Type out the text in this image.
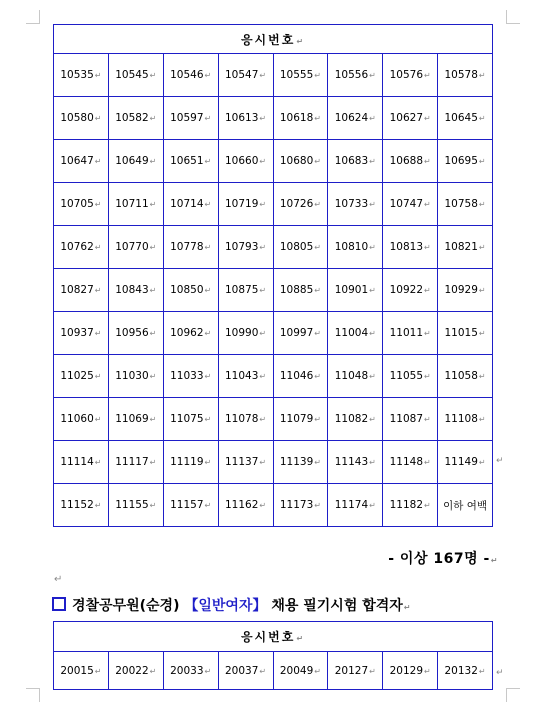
응시번호↵							
10535↵	10545↵	10546↵	10547↵	10555↵	10556↵	10576↵	10578↵
10580↵	10582↵	10597↵	10613↵	10618↵	10624↵	10627↵	10645↵
10647↵	10649↵	10651↵	10660↵	10680↵	10683↵	10688↵	10695↵
10705↵	10711↵	10714↵	10719↵	10726↵	10733↵	10747↵	10758↵
10762↵	10770↵	10778↵	10793↵	10805↵	10810↵	10813↵	10821↵
10827↵	10843↵	10850↵	10875↵	10885↵	10901↵	10922↵	10929↵
10937↵	10956↵	10962↵	10990↵	10997↵	11004↵	11011↵	11015↵
11025↵	11030↵	11033↵	11043↵	11046↵	11048↵	11055↵	11058↵
11060↵	11069↵	11075↵	11078↵	11079↵	11082↵	11087↵	11108↵
11114↵	11117↵	11119↵	11137↵	11139↵	11143↵	11148↵	11149↵
11152↵	11155↵	11157↵	11162↵	11173↵	11174↵	11182↵	이하 여백
↵
↵
- 이상 167명 -↵
↵
경찰공무원(순경) 【일반여자】 채용 필기시험 합격자↵
응시번호↵
20015↵	20022↵	20033↵	20037↵	20049↵	20127↵	20129↵	20132↵
